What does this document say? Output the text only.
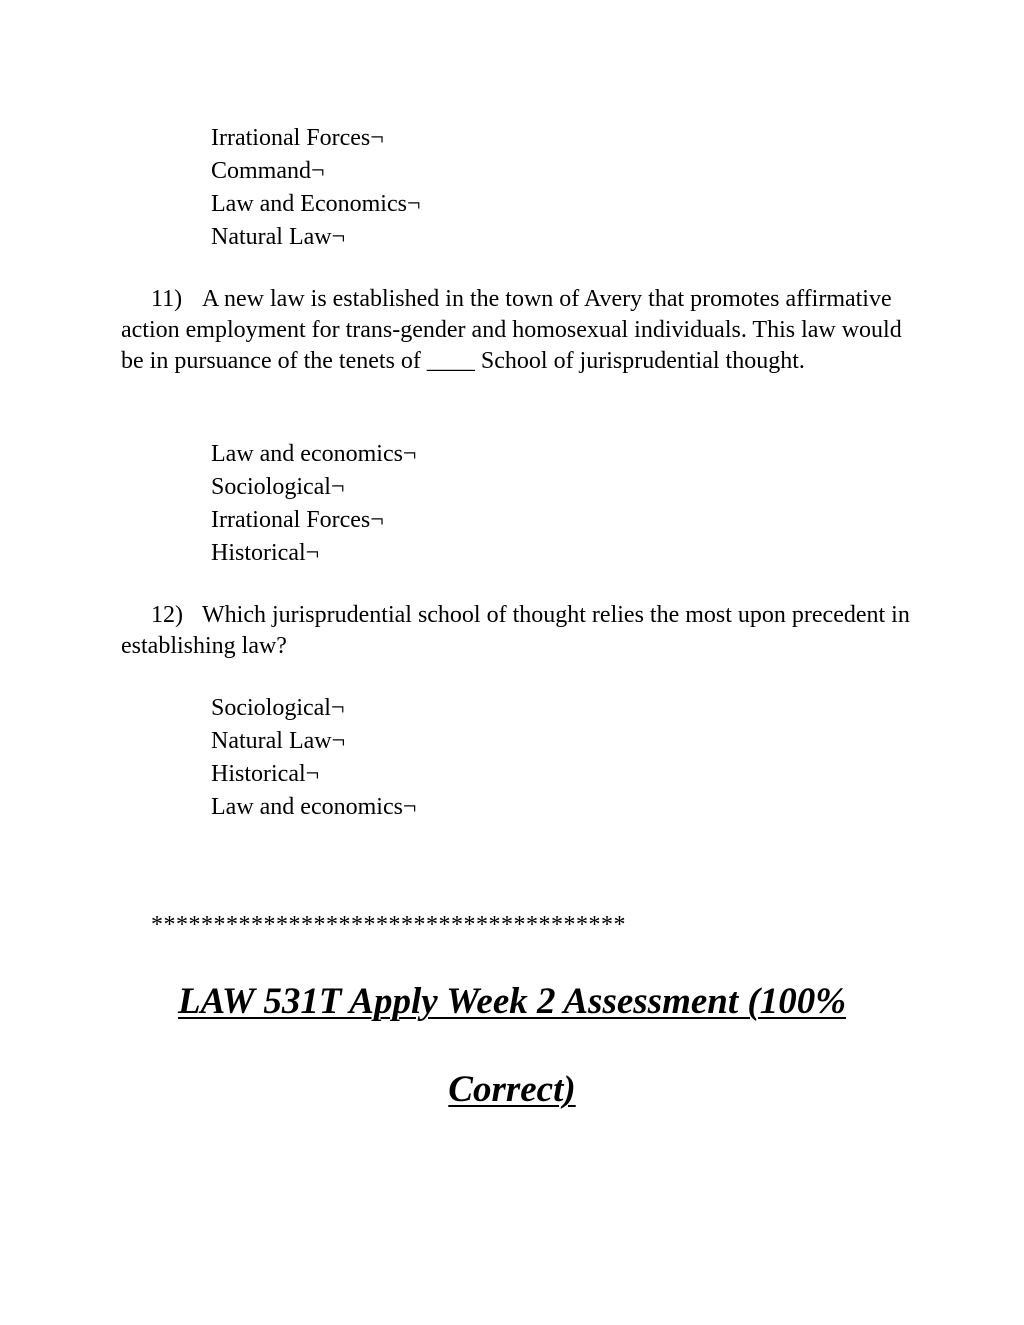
Irrational Forces¬
Command¬
Law and Economics¬
Natural Law¬

11) A new law is established in the town of Avery that promotes affirmative action employment for trans-gender and homosexual individuals. This law would be in pursuance of the tenets of ____ School of jurisprudential thought.

Law and economics¬
Sociological¬
Irrational Forces¬
Historical¬

12) Which jurisprudential school of thought relies the most upon precedent in establishing law?

Sociological¬
Natural Law¬
Historical¬
Law and economics¬
**************************************
LAW 531T Apply Week 2 Assessment (100%
Correct)
